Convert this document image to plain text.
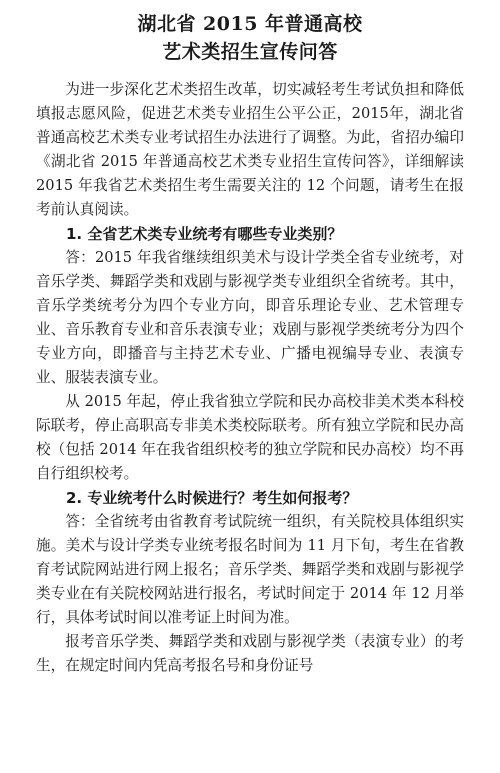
湖北省 2015 年普通高校

艺术类招生宣传问答

为进一步深化艺术类招生改革，切实减轻考生考试负担和降低填报志愿风险，促进艺术类专业招生公平公正，2015年，湖北省普通高校艺术类专业考试招生办法进行了调整。为此，省招办编印《湖北省 2015 年普通高校艺术类专业招生宣传问答》，详细解读 2015 年我省艺术类招生考生需要关注的 12 个问题，请考生在报考前认真阅读。

1. 全省艺术类专业统考有哪些专业类别？

答：2015 年我省继续组织美术与设计学类全省专业统考，对音乐学类、舞蹈学类和戏剧与影视学类专业组织全省统考。其中，音乐学类统考分为四个专业方向，即音乐理论专业、艺术管理专业、音乐教育专业和音乐表演专业；戏剧与影视学类统考分为四个专业方向，即播音与主持艺术专业、广播电视编导专业、表演专业、服装表演专业。

从 2015 年起，停止我省独立学院和民办高校非美术类本科校际联考，停止高职高专非美术类校际联考。所有独立学院和民办高校（包括 2014 年在我省组织校考的独立学院和民办高校）均不再自行组织校考。

2. 专业统考什么时候进行？考生如何报考？

答：全省统考由省教育考试院统一组织，有关院校具体组织实施。美术与设计学类专业统考报名时间为 11 月下旬，考生在省教育考试院网站进行网上报名；音乐学类、舞蹈学类和戏剧与影视学类专业在有关院校网站进行报名，考试时间定于 2014 年 12 月举行，具体考试时间以准考证上时间为准。

报考音乐学类、舞蹈学类和戏剧与影视学类（表演专业）的考生，在规定时间内凭高考报名号和身份证号
